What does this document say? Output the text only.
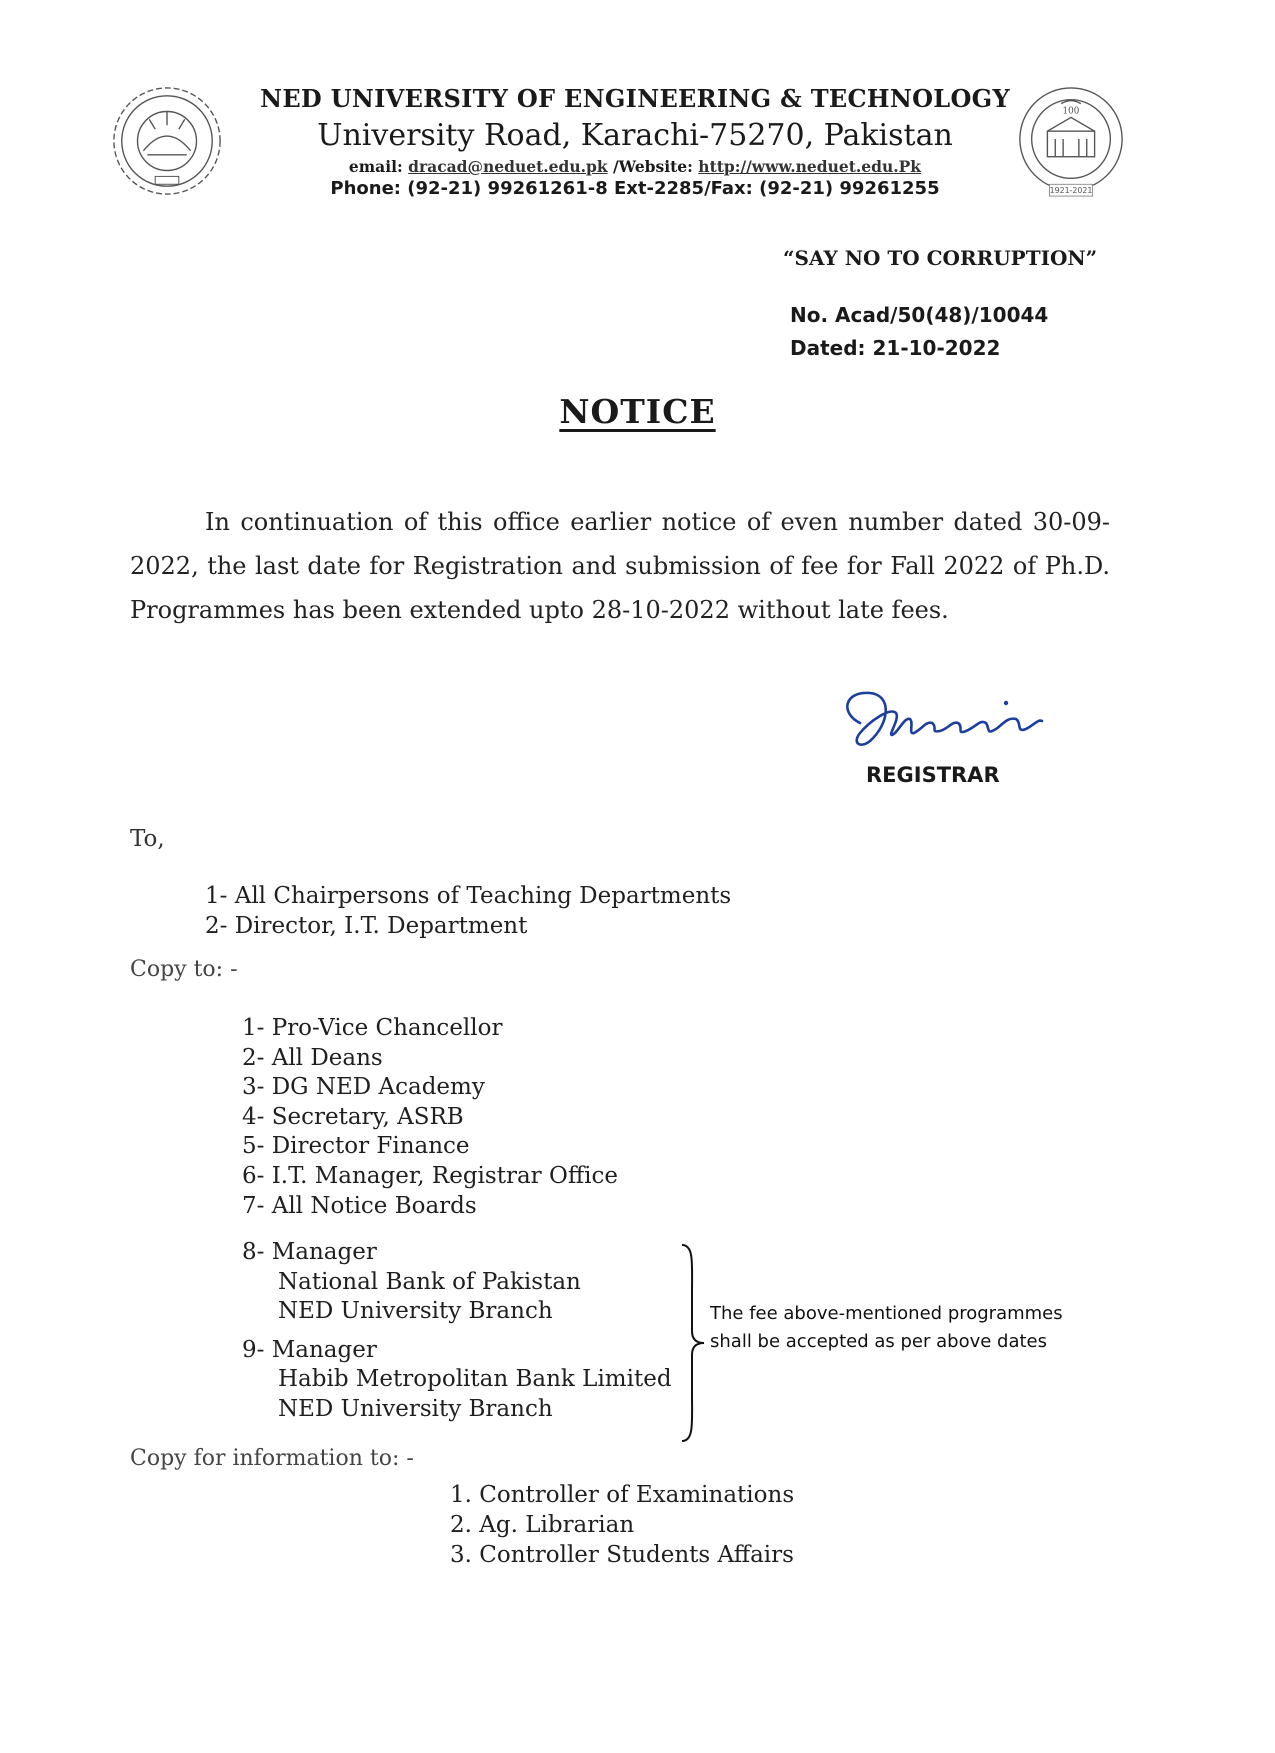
100
1921-2021
NED UNIVERSITY OF ENGINEERING & TECHNOLOGY
University Road, Karachi-75270, Pakistan
email: dracad@neduet.edu.pk /Website: http://www.neduet.edu.Pk
Phone: (92-21) 99261261-8 Ext-2285/Fax: (92-21) 99261255
“SAY NO TO CORRUPTION”
No. Acad/50(48)/10044
Dated: 21-10-2022
NOTICE
In continuation of this office earlier notice of even number dated 30-09-2022, the last date for Registration and submission of fee for Fall 2022 of Ph.D. Programmes has been extended upto 28-10-2022 without late fees.
REGISTRAR
To,
1- All Chairpersons of Teaching Departments
2- Director, I.T. Department
Copy to: -
1- Pro-Vice Chancellor
2- All Deans
3- DG NED Academy
4- Secretary, ASRB
5- Director Finance
6- I.T. Manager, Registrar Office
7- All Notice Boards
8- Manager
National Bank of Pakistan
NED University Branch
9- Manager
Habib Metropolitan Bank Limited
NED University Branch
The fee above-mentioned programmes shall be accepted as per above dates
Copy for information to: -
1. Controller of Examinations
2. Ag. Librarian
3. Controller Students Affairs
